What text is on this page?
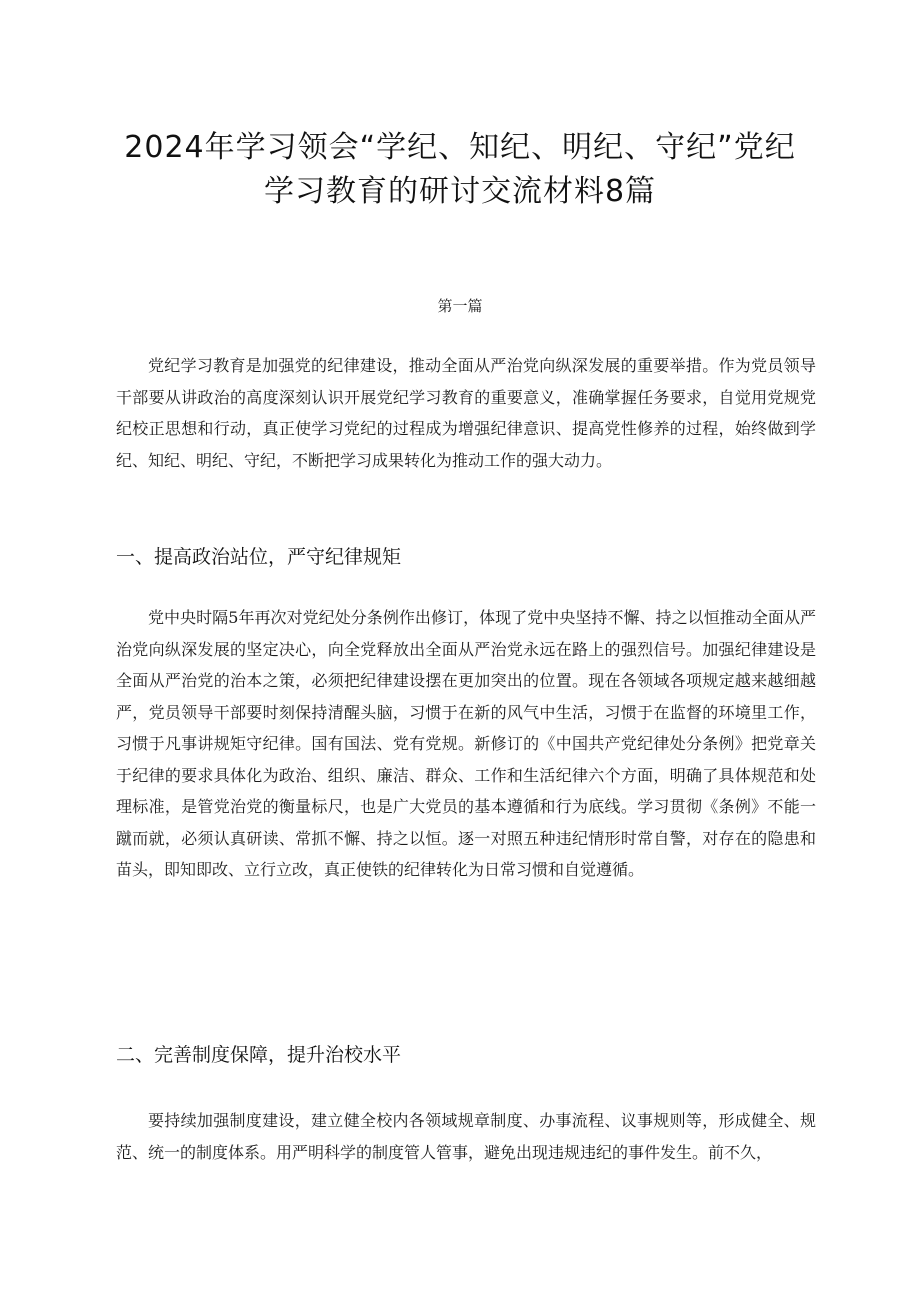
2024年学习领会“学纪、知纪、明纪、守纪”党纪
学习教育的研讨交流材料8篇
第一篇

党纪学习教育是加强党的纪律建设，推动全面从严治党向纵深发展的重要举措。作为党员领导干部要从讲政治的高度深刻认识开展党纪学习教育的重要意义，准确掌握任务要求，自觉用党规党纪校正思想和行动，真正使学习党纪的过程成为增强纪律意识、提高党性修养的过程，始终做到学纪、知纪、明纪、守纪，不断把学习成果转化为推动工作的强大动力。

一、提高政治站位，严守纪律规矩

党中央时隔5年再次对党纪处分条例作出修订，体现了党中央坚持不懈、持之以恒推动全面从严治党向纵深发展的坚定决心，向全党释放出全面从严治党永远在路上的强烈信号。加强纪律建设是全面从严治党的治本之策，必须把纪律建设摆在更加突出的位置。现在各领域各项规定越来越细越严，党员领导干部要时刻保持清醒头脑，习惯于在新的风气中生活，习惯于在监督的环境里工作，习惯于凡事讲规矩守纪律。国有国法、党有党规。新修订的《中国共产党纪律处分条例》把党章关于纪律的要求具体化为政治、组织、廉洁、群众、工作和生活纪律六个方面，明确了具体规范和处理标准，是管党治党的衡量标尺，也是广大党员的基本遵循和行为底线。学习贯彻《条例》不能一蹴而就，必须认真研读、常抓不懈、持之以恒。逐一对照五种违纪情形时常自警，对存在的隐患和苗头，即知即改、立行立改，真正使铁的纪律转化为日常习惯和自觉遵循。

二、完善制度保障，提升治校水平

要持续加强制度建设，建立健全校内各领域规章制度、办事流程、议事规则等，形成健全、规范、统一的制度体系。用严明科学的制度管人管事，避免出现违规违纪的事件发生。前不久，
